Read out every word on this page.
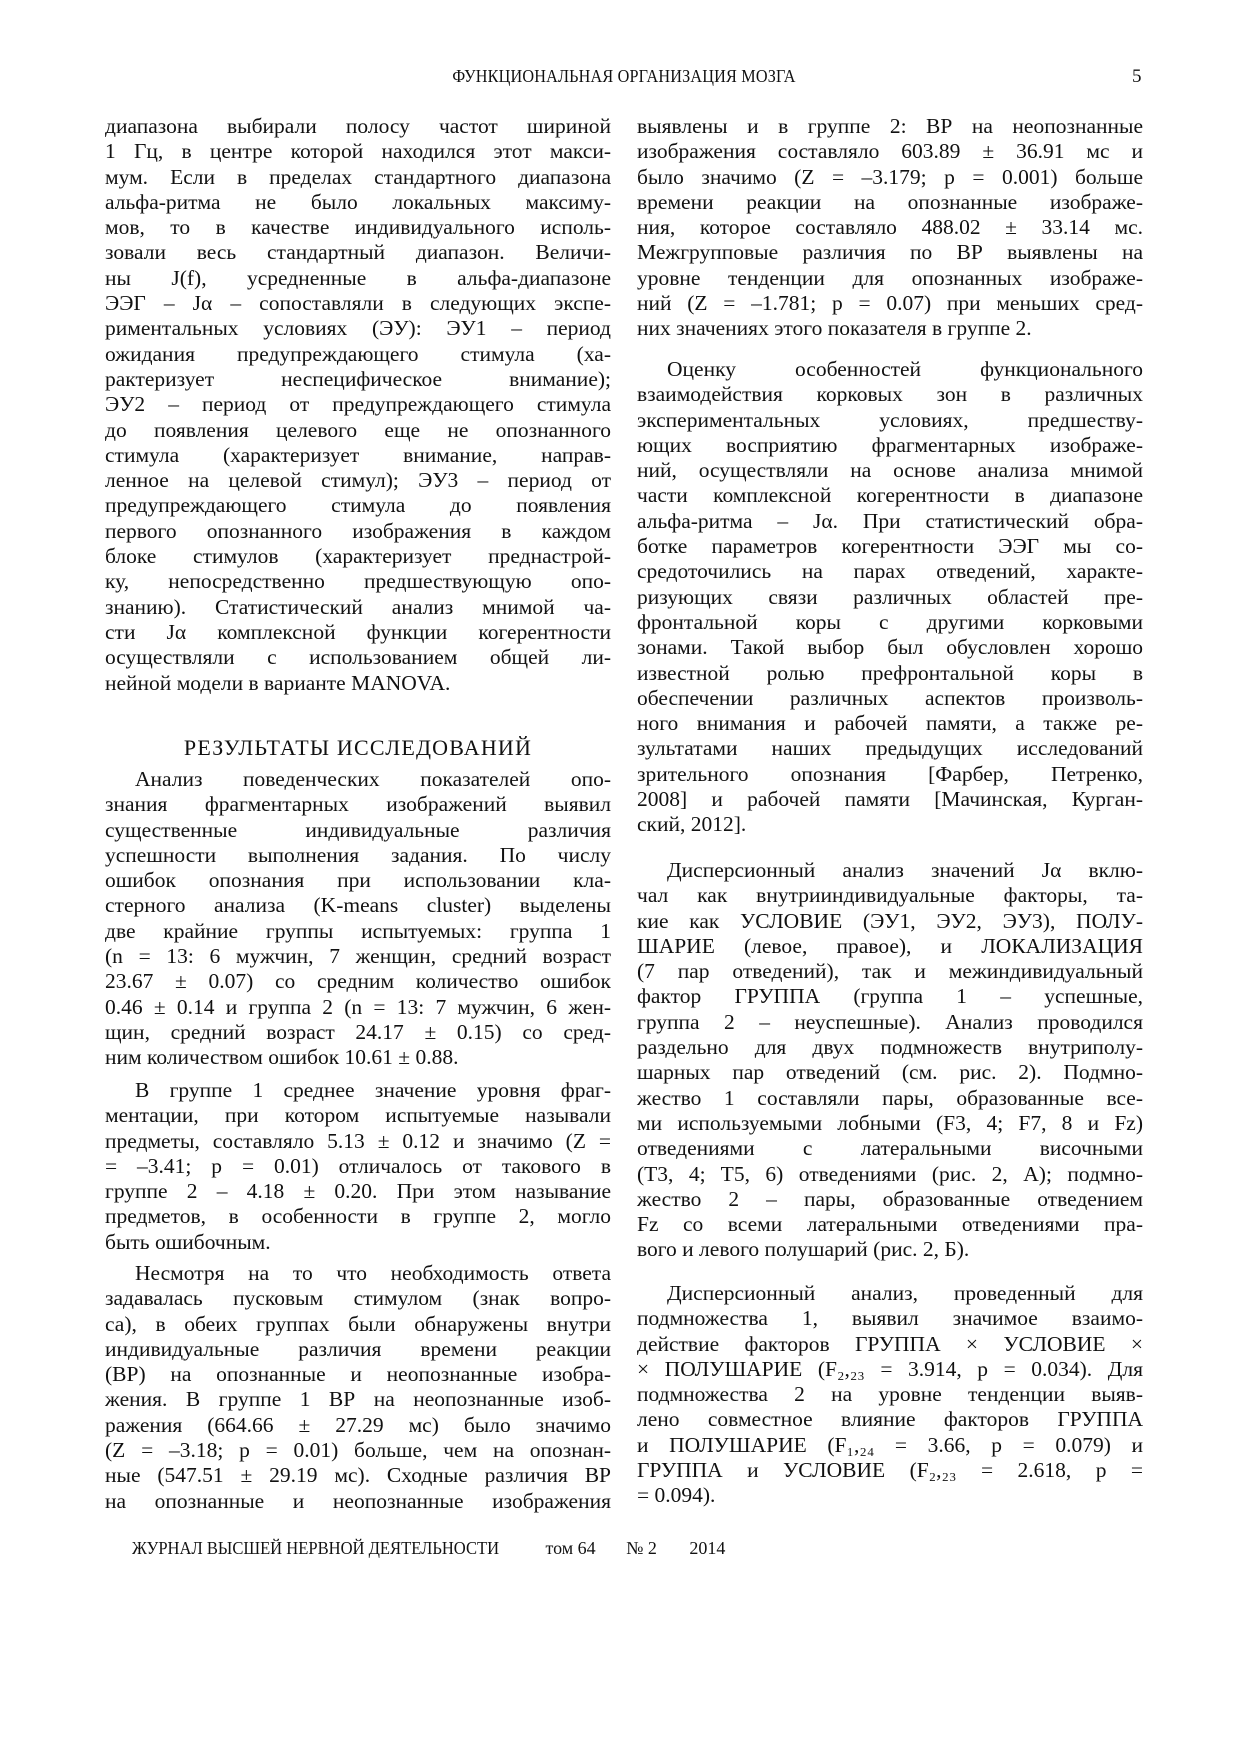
ФУНКЦИОНАЛЬНАЯ ОРГАНИЗАЦИЯ МОЗГА	5
диапазона выбирали полосу частот шириной
1 Гц, в центре которой находился этот макси-
мум. Если в пределах стандартного диапазона
альфа-ритма не было локальных максиму-
мов, то в качестве индивидуального исполь-
зовали весь стандартный диапазон. Величи-
ны J(f), усредненные в альфа-диапазоне
ЭЭГ – Jα – сопоставляли в следующих экспе-
риментальных условиях (ЭУ): ЭУ1 – период
ожидания предупреждающего стимула (ха-
рактеризует неспецифическое внимание);
ЭУ2 – период от предупреждающего стимула
до появления целевого еще не опознанного
стимула (характеризует внимание, направ-
ленное на целевой стимул); ЭУ3 – период от
предупреждающего стимула до появления
первого опознанного изображения в каждом
блоке стимулов (характеризует преднастрой-
ку, непосредственно предшествующую опо-
знанию). Статистический анализ мнимой ча-
сти Jα комплексной функции когерентности
осуществляли с использованием общей ли-
нейной модели в варианте MANOVA.
РЕЗУЛЬТАТЫ ИССЛЕДОВАНИЙ
Анализ поведенческих показателей опо-
знания фрагментарных изображений выявил
существенные индивидуальные различия
успешности выполнения задания. По числу
ошибок опознания при использовании кла-
стерного анализа (K-means cluster) выделены
две крайние группы испытуемых: группа 1
(n = 13: 6 мужчин, 7 женщин, средний возраст
23.67 ± 0.07) со средним количество ошибок
0.46 ± 0.14 и группа 2 (n = 13: 7 мужчин, 6 жен-
щин, средний возраст 24.17 ± 0.15) со сред-
ним количеством ошибок 10.61 ± 0.88.
В группе 1 среднее значение уровня фраг-
ментации, при котором испытуемые называли
предметы, составляло 5.13 ± 0.12 и значимо (Z =
= –3.41; p = 0.01) отличалось от такового в
группе 2 – 4.18 ± 0.20. При этом называние
предметов, в особенности в группе 2, могло
быть ошибочным.
Несмотря на то что необходимость ответа
задавалась пусковым стимулом (знак вопро-
са), в обеих группах были обнаружены внутри
индивидуальные различия времени реакции
(ВР) на опознанные и неопознанные изобра-
жения. В группе 1 ВР на неопознанные изоб-
ражения (664.66 ± 27.29 мс) было значимо
(Z = –3.18; p = 0.01) больше, чем на опознан-
ные (547.51 ± 29.19 мс). Сходные различия ВР
на опознанные и неопознанные изображения
выявлены и в группе 2: ВР на неопознанные
изображения составляло 603.89 ± 36.91 мс и
было значимо (Z = –3.179; p = 0.001) больше
времени реакции на опознанные изображе-
ния, которое составляло 488.02 ± 33.14 мс.
Межгрупповые различия по ВР выявлены на
уровне тенденции для опознанных изображе-
ний (Z = –1.781; p = 0.07) при меньших сред-
них значениях этого показателя в группе 2.
Оценку особенностей функционального
взаимодействия корковых зон в различных
экспериментальных условиях, предшеству-
ющих восприятию фрагментарных изображе-
ний, осуществляли на основе анализа мнимой
части комплексной когерентности в диапазоне
альфа-ритма – Jα. При статистический обра-
ботке параметров когерентности ЭЭГ мы со-
средоточились на парах отведений, характе-
ризующих связи различных областей пре-
фронтальной коры с другими корковыми
зонами. Такой выбор был обусловлен хорошо
известной ролью префронтальной коры в
обеспечении различных аспектов произволь-
ного внимания и рабочей памяти, а также ре-
зультатами наших предыдущих исследований
зрительного опознания [Фарбер, Петренко,
2008] и рабочей памяти [Мачинская, Курган-
ский, 2012].
Дисперсионный анализ значений Jα вклю-
чал как внутрииндивидуальные факторы, та-
кие как УСЛОВИЕ (ЭУ1, ЭУ2, ЭУ3), ПОЛУ-
ШАРИЕ (левое, правое), и ЛОКАЛИЗАЦИЯ
(7 пар отведений), так и межиндивидуальный
фактор ГРУППА (группа 1 – успешные,
группа 2 – неуспешные). Анализ проводился
раздельно для двух подмножеств внутриполу-
шарных пар отведений (см. рис. 2). Подмно-
жество 1 составляли пары, образованные все-
ми используемыми лобными (F3, 4; F7, 8 и Fz)
отведениями с латеральными височными
(T3, 4; T5, 6) отведениями (рис. 2, A); подмно-
жество 2 – пары, образованные отведением
Fz со всеми латеральными отведениями пра-
вого и левого полушарий (рис. 2, Б).
Дисперсионный анализ, проведенный для
подмножества 1, выявил значимое взаимо-
действие факторов ГРУППА × УСЛОВИЕ ×
× ПОЛУШАРИЕ (F₂,₂₃ = 3.914, p = 0.034). Для
подмножества 2 на уровне тенденции выяв-
лено совместное влияние факторов ГРУППА
и ПОЛУШАРИЕ (F₁,₂₄ = 3.66, p = 0.079) и
ГРУППА и УСЛОВИЕ (F₂,₂₃ = 2.618, p =
= 0.094).
ЖУРНАЛ ВЫСШЕЙ НЕРВНОЙ ДЕЯТЕЛЬНОСТИ	том 64 № 2 2014
